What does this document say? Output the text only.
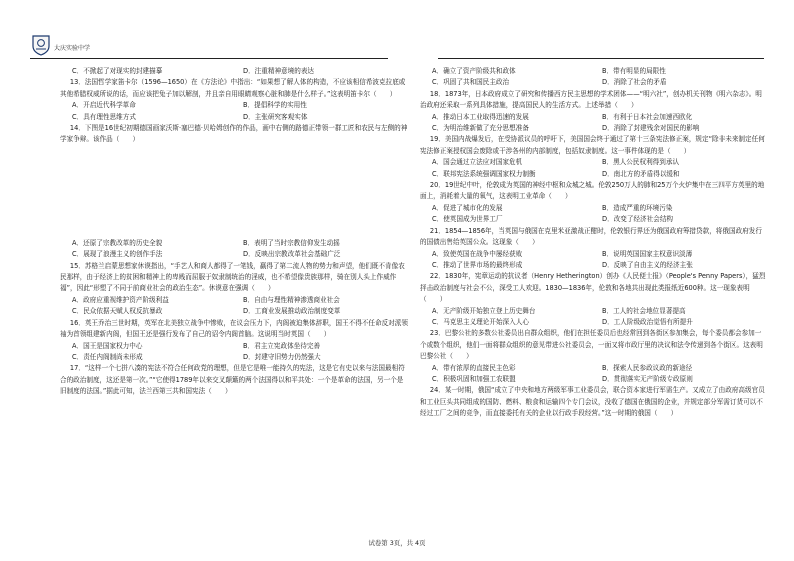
大庆实验中学
C．不掀起了对现实的封建描摹	D．注重精神意境的表达

13．法国哲学家笛卡尔（1596—1650）在《方法论》中指出：“如果想了解人体的构造，不应该相信希波克拉底或其他希腊权威所说的话，而应该把兔子加以解剖，并且亲自用眼睛观察心脏和肺是什么样子。”这表明笛卡尔（　　）

A．开启近代科学革命	B．提倡科学的实用性
C．具有理性思维方式	D．主张研究客观实体

14．下图是16世纪初期德国画家沃斯·塞巴德·贝哈姆创作的作品，画中右侧的路德正带领一群工匠和农民与左侧的神学家争辩。该作品（　　）

A．还原了宗教改革的历史全貌	B．表明了当时宗教信仰发生动摇
C．展现了浪漫主义的创作手法	D．反映出宗教改革社会基础广泛

15．苏格兰启蒙思想家休谟指出，“手艺人和商人都得了一笔钱，赢得了第二流人物的势力和声望，他们既不肯像农民那样，由于经济上的贫困和精神上的卑贱而屈服于奴隶制统治的淫威，也不希望像贵族那样，骑在别人头上作威作福”，因此“形塑了不同于前商业社会的政治生态”。休谟意在强调（　　）

A．政府应重视维护资产阶级利益	B．自由与理性精神渗透商业社会
C．民众依据天赋人权反抗暴政	D．工商业发展推动政治制度变革

16．英王乔治三世时期，英军在北美独立战争中惨败，在议会压力下，内阁被迫集体辞职，国王不得不任命反对派领袖为首领组建新内阁，但国王还是强行发布了自己的诏令内阁首脑。这说明当时英国（　　）

A．国王是国家权力中心	B．君主立宪政体坐待完善
C．责任内阁制尚未形成	D．封建守旧势力仍然强大

17．“这样一个七拼八凑的宪法不符合任何政党的理想，但是它是唯一能持久的宪法，这是它有史以来与法国最相符合的政治制度，这还是第一次。”“它使得1789年以来交叉颠簸的两个法国得以和平共处：一个是革命的法国，另一个是旧制度的法国。”据此可知，法兰西第三共和国宪法（　　）

A．确立了资产阶级共和政体	B．带有明显的局限性
C．巩固了共和国民主政治	D．消除了社会的矛盾

18．1873年，日本政府成立了研究和传播西方民主思想的学术团体——“明六社”，创办机关刊物《明六杂志》。明治政府还采取一系列具体措施，提高国民人的生活方式。上述举措（　　）

A．推动日本工业取得迅速的发展	B．有利于日本社会加速西欧化
C．为明治维新做了充分思想准备	D．消除了封建残余对国民的影响

19．美国内战爆发后，在受协派议员的呼吁下，美国国会终于通过了第十三条宪法修正案，规定“除非未来制定任何宪法修正案授权国会废除或干涉各州的内部制度，包括奴隶制度。这一事件体现的是（　　）

A．国会通过立法应对国家危机	B．黑人公民权利得到承认
C．联邦宪法系统强调国家权力制衡	D．南北方的矛盾得以缓和

20．19世纪中叶，伦敦成为英国的神经中枢和众城之城。伦敦250万人的肺和25万个火炉集中在三四平方英里的地面上，消耗着大量的氧气，这表明工业革命（　　）

A．促进了城市化的发展	B．造成严重的环境污染
C．使英国成为世界工厂	D．改变了经济社会结构

21．1854—1856年，当英国与俄国在克里米亚激战正酣时，伦敦银行界还为俄国政府筹措贷款，将俄国政府发行的国债出售给英国公众。这现象（　　）

A．致使英国在战争中屡经获败	B．说明英国国家主权意识淡薄
C．推动了世界市场的最终形成	D．反映了自由主义的经济主张

22．1830年，宪章运动的抗议者（Henry Hetherington）创办《人民便士报》（People's Penny Papers），猛烈抨击政治制度与社会不公，深受工人欢迎。1830—1836年，伦敦和各地共出现此类报纸近600种。这一现象表明（　　）

A．无产阶级开始独立登上历史舞台	B．工人的社会地位显著提高
C．马克思主义理论开始深入人心	D．工人阶级政治觉悟有所提升

23．巴黎公社的多数公社委员出自群众组织，他们在担任委员后也经常回到各街区参加集会，每个委员都会参加一个或数个组织，他们一面将群众组织的意见带进公社委员会，一面又将市政厅里的决议和法令传递到各个街区。这表明巴黎公社（　　）

A．带有浓厚的直接民主色彩	B．探索人民参政议政的新途径
C．积极巩固和加强工农联盟	D．贯彻落实无产阶级专政原则

24．某一时期，俄国“成立了中央和地方两级军事工业委员会，联合资本家进行军需生产。又成立了由政府高级官员和工业巨头共同组成的国防、燃料、粮食和运输四个专门会议，没收了德国在俄国的企业，并规定部分军需订货可以不经过工厂之间的竞争，而直接委托有关的企业以行政手段经营。”这一时期的俄国（　　）

试卷第 3页，共 4页
